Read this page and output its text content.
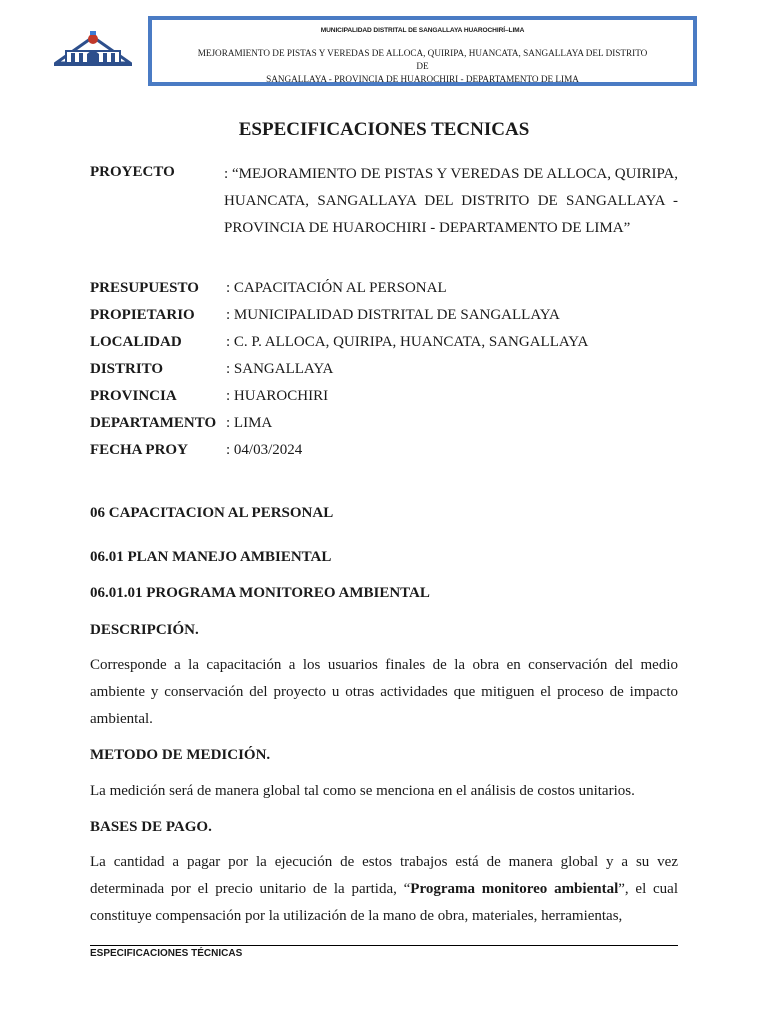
MUNICIPALIDAD DISTRITAL DE SANGALLAYA HUAROCHIRÍ–LIMA
MEJORAMIENTO DE PISTAS Y VEREDAS DE ALLOCA, QUIRIPA, HUANCATA, SANGALLAYA DEL DISTRITO DE
SANGALLAYA - PROVINCIA DE HUAROCHIRI - DEPARTAMENTO DE LIMA
ESPECIFICACIONES TECNICAS
PROYECTO	: “MEJORAMIENTO DE PISTAS Y VEREDAS DE ALLOCA, QUIRIPA, HUANCATA, SANGALLAYA DEL DISTRITO DE SANGALLAYA - PROVINCIA DE HUAROCHIRI - DEPARTAMENTO DE LIMA”
PRESUPUESTO : CAPACITACIÓN AL PERSONAL
PROPIETARIO : MUNICIPALIDAD DISTRITAL DE SANGALLAYA
LOCALIDAD	: C. P. ALLOCA, QUIRIPA, HUANCATA, SANGALLAYA
DISTRITO	: SANGALLAYA
PROVINCIA	: HUAROCHIRI
DEPARTAMENTO : LIMA
FECHA PROY	: 04/03/2024
06 CAPACITACION AL PERSONAL
06.01 PLAN MANEJO AMBIENTAL
06.01.01 PROGRAMA MONITOREO AMBIENTAL
DESCRIPCIÓN.
Corresponde a la capacitación a los usuarios finales de la obra en conservación del medio ambiente y conservación del proyecto u otras actividades que mitiguen el proceso de impacto ambiental.
METODO DE MEDICIÓN.
La medición será de manera global tal como se menciona en el análisis de costos unitarios.
BASES DE PAGO.
La cantidad a pagar por la ejecución de estos trabajos está de manera global y a su vez determinada por el precio unitario de la partida, “Programa monitoreo ambiental”, el cual constituye compensación por la utilización de la mano de obra, materiales, herramientas,
ESPECIFICACIONES TÉCNICAS
